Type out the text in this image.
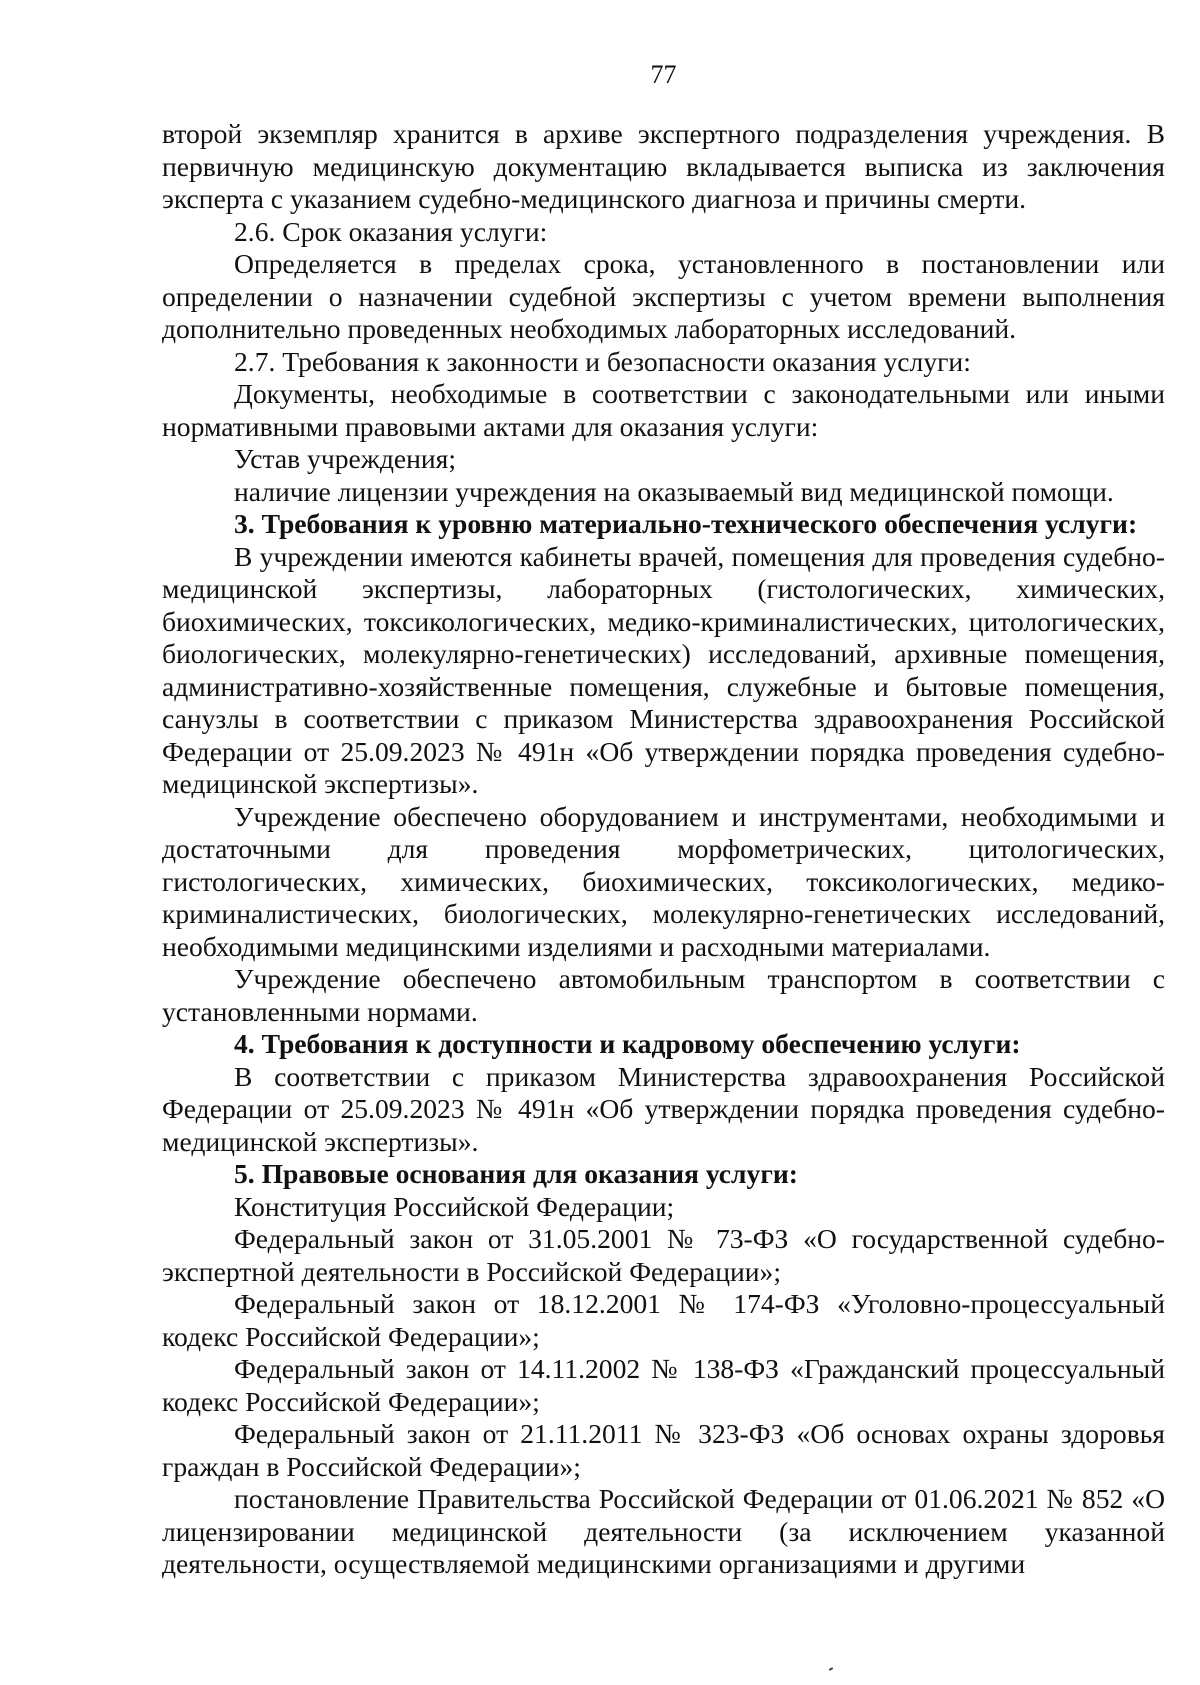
77

второй экземпляр хранится в архиве экспертного подразделения учреждения. В первичную медицинскую документацию вкладывается выписка из заключения эксперта с указанием судебно-медицинского диагноза и причины смерти.

2.6. Срок оказания услуги:

Определяется в пределах срока, установленного в постановлении или определении о назначении судебной экспертизы с учетом времени выполнения дополнительно проведенных необходимых лабораторных исследований.

2.7. Требования к законности и безопасности оказания услуги:

Документы, необходимые в соответствии с законодательными или иными нормативными правовыми актами для оказания услуги:

Устав учреждения;

наличие лицензии учреждения на оказываемый вид медицинской помощи.

3. Требования к уровню материально-технического обеспечения услуги:

В учреждении имеются кабинеты врачей, помещения для проведения судебно-медицинской экспертизы, лабораторных (гистологических, химических, биохимических, токсикологических, медико-криминалистических, цитологических, биологических, молекулярно-генетических) исследований, архивные помещения, административно-хозяйственные помещения, служебные и бытовые помещения, санузлы в соответствии с приказом Министерства здравоохранения Российской Федерации от 25.09.2023 № 491н «Об утверждении порядка проведения судебно-медицинской экспертизы».

Учреждение обеспечено оборудованием и инструментами, необходимыми и достаточными для проведения морфометрических, цитологических, гистологических, химических, биохимических, токсикологических, медико-криминалистических, биологических, молекулярно-генетических исследований, необходимыми медицинскими изделиями и расходными материалами.

Учреждение обеспечено автомобильным транспортом в соответствии с установленными нормами.

4. Требования к доступности и кадровому обеспечению услуги:

В соответствии с приказом Министерства здравоохранения Российской Федерации от 25.09.2023 № 491н «Об утверждении порядка проведения судебно-медицинской экспертизы».

5. Правовые основания для оказания услуги:

Конституция Российской Федерации;

Федеральный закон от 31.05.2001 № 73-ФЗ «О государственной судебно-экспертной деятельности в Российской Федерации»;

Федеральный закон от 18.12.2001 № 174-ФЗ «Уголовно-процессуальный кодекс Российской Федерации»;

Федеральный закон от 14.11.2002 № 138-ФЗ «Гражданский процессуальный кодекс Российской Федерации»;

Федеральный закон от 21.11.2011 № 323-ФЗ «Об основах охраны здоровья граждан в Российской Федерации»;

постановление Правительства Российской Федерации от 01.06.2021 № 852 «О лицензировании медицинской деятельности (за исключением указанной деятельности, осуществляемой медицинскими организациями и другими
